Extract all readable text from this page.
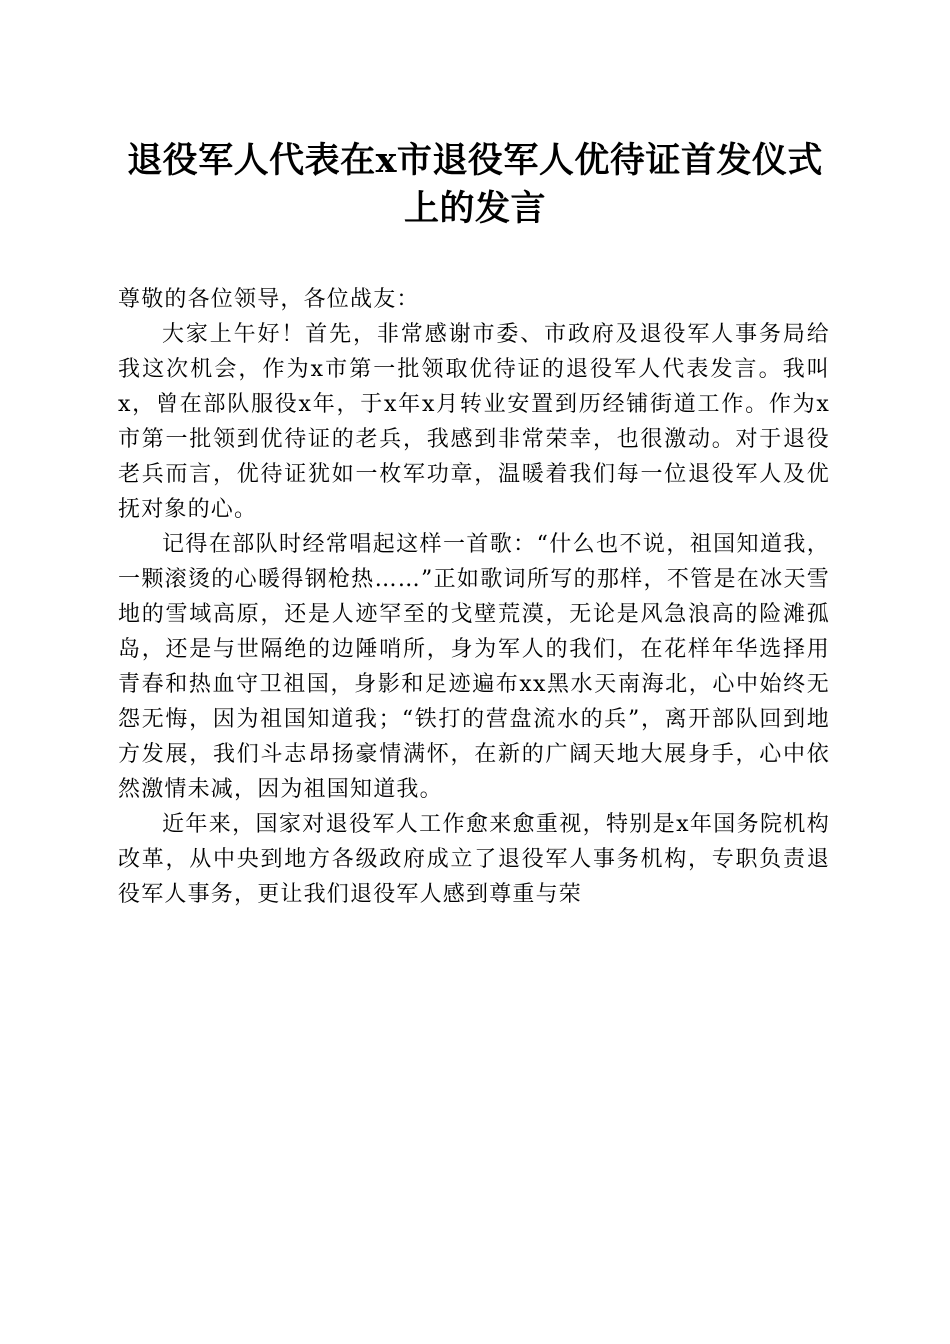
退役军人代表在x市退役军人优待证首发仪式
上的发言

尊敬的各位领导，各位战友：

大家上午好！首先，非常感谢市委、市政府及退役军人事务局给我这次机会，作为x市第一批领取优待证的退役军人代表发言。我叫x，曾在部队服役x年，于x年x月转业安置到历经铺街道工作。作为x市第一批领到优待证的老兵，我感到非常荣幸，也很激动。对于退役老兵而言，优待证犹如一枚军功章，温暖着我们每一位退役军人及优抚对象的心。

记得在部队时经常唱起这样一首歌：“什么也不说，祖国知道我，一颗滚烫的心暖得钢枪热……”正如歌词所写的那样，不管是在冰天雪地的雪域高原，还是人迹罕至的戈壁荒漠，无论是风急浪高的险滩孤岛，还是与世隔绝的边陲哨所，身为军人的我们，在花样年华选择用青春和热血守卫祖国，身影和足迹遍布xx黑水天南海北，心中始终无怨无悔，因为祖国知道我；“铁打的营盘流水的兵”，离开部队回到地方发展，我们斗志昂扬豪情满怀，在新的广阔天地大展身手，心中依然激情未减，因为祖国知道我。

近年来，国家对退役军人工作愈来愈重视，特别是x年国务院机构改革，从中央到地方各级政府成立了退役军人事务机构，专职负责退役军人事务，更让我们退役军人感到尊重与荣
